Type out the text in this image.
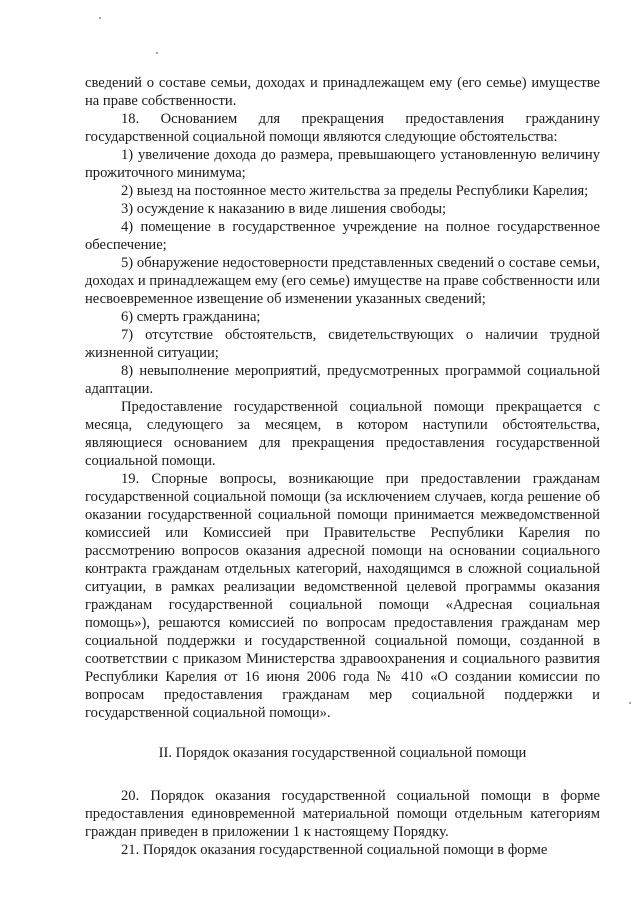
сведений о составе семьи, доходах и принадлежащем ему (его семье) имуществе на праве собственности.

18. Основанием для прекращения предоставления гражданину государственной социальной помощи являются следующие обстоятельства:

1) увеличение дохода до размера, превышающего установленную величину прожиточного минимума;

2) выезд на постоянное место жительства за пределы Республики Карелия;

3) осуждение к наказанию в виде лишения свободы;

4) помещение в государственное учреждение на полное государственное обеспечение;

5) обнаружение недостоверности представленных сведений о составе семьи, доходах и принадлежащем ему (его семье) имуществе на праве собственности или несвоевременное извещение об изменении указанных сведений;

6) смерть гражданина;

7) отсутствие обстоятельств, свидетельствующих о наличии трудной жизненной ситуации;

8) невыполнение мероприятий, предусмотренных программой социальной адаптации.

Предоставление государственной социальной помощи прекращается с месяца, следующего за месяцем, в котором наступили обстоятельства, являющиеся основанием для прекращения предоставления государственной социальной помощи.

19. Спорные вопросы, возникающие при предоставлении гражданам государственной социальной помощи (за исключением случаев, когда решение об оказании государственной социальной помощи принимается межведомственной комиссией или Комиссией при Правительстве Республики Карелия по рассмотрению вопросов оказания адресной помощи на основании социального контракта гражданам отдельных категорий, находящимся в сложной социальной ситуации, в рамках реализации ведомственной целевой программы оказания гражданам государственной социальной помощи «Адресная социальная помощь»), решаются комиссией по вопросам предоставления гражданам мер социальной поддержки и государственной социальной помощи, созданной в соответствии с приказом Министерства здравоохранения и социального развития Республики Карелия от 16 июня 2006 года № 410 «О создании комиссии по вопросам предоставления гражданам мер социальной поддержки и государственной социальной помощи».

II. Порядок оказания государственной социальной помощи

20. Порядок оказания государственной социальной помощи в форме предоставления единовременной материальной помощи отдельным категориям граждан приведен в приложении 1 к настоящему Порядку.

21. Порядок оказания государственной социальной помощи в форме
